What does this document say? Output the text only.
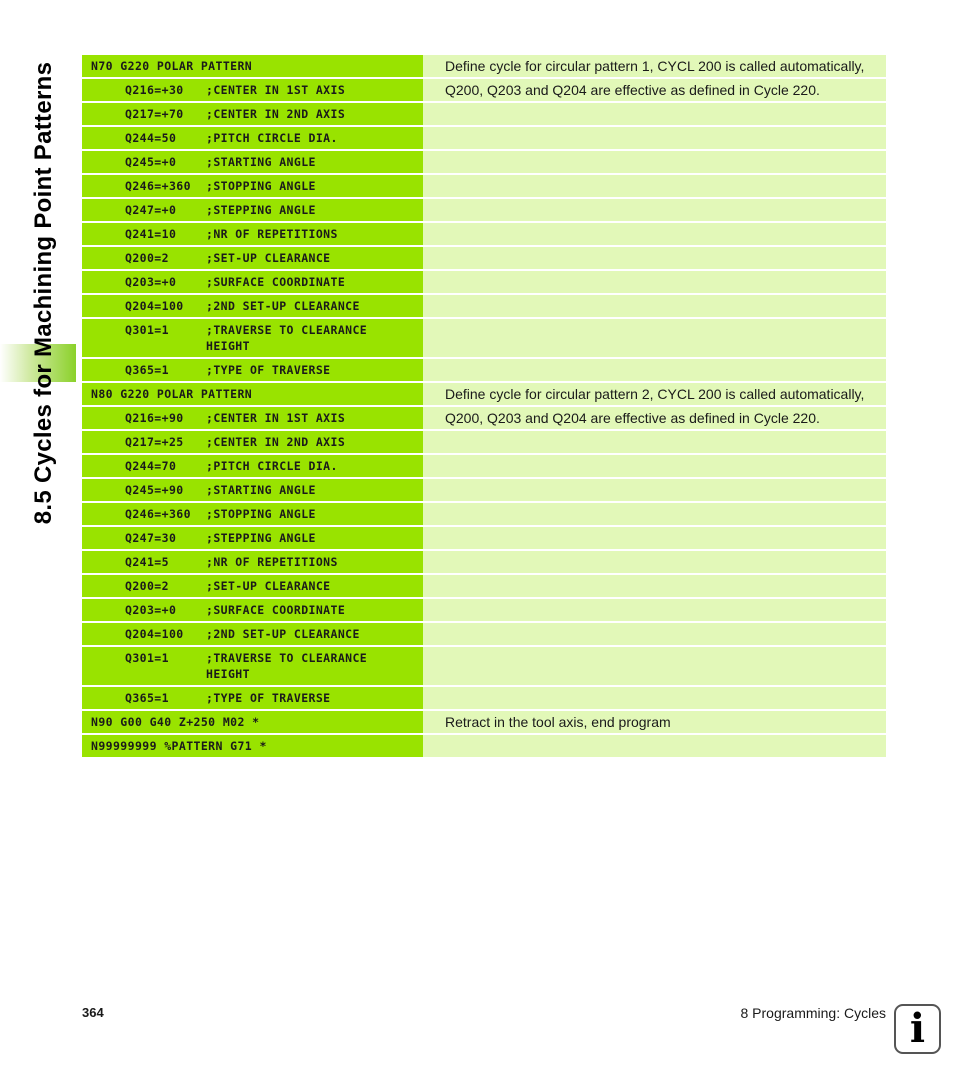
8.5 Cycles for Machining Point Patterns	N70 G220 POLAR PATTERN	Define cycle for circular pattern 1, CYCL 200 is called automatically,
Q216=+30	;CENTER IN 1ST AXIS	Q200, Q203 and Q204 are effective as defined in Cycle 220.
Q217=+70	;CENTER IN 2ND AXIS
Q244=50	;PITCH CIRCLE DIA.
Q245=+0	;STARTING ANGLE
Q246=+360	;STOPPING ANGLE
Q247=+0	;STEPPING ANGLE
Q241=10	;NR OF REPETITIONS
Q200=2	;SET-UP CLEARANCE
Q203=+0	;SURFACE COORDINATE
Q204=100	;2ND SET-UP CLEARANCE
Q301=1	;TRAVERSE TO CLEARANCE HEIGHT
Q365=1	;TYPE OF TRAVERSE
N80 G220 POLAR PATTERN	Define cycle for circular pattern 2, CYCL 200 is called automatically,
Q216=+90	;CENTER IN 1ST AXIS	Q200, Q203 and Q204 are effective as defined in Cycle 220.
Q217=+25	;CENTER IN 2ND AXIS
Q244=70	;PITCH CIRCLE DIA.
Q245=+90	;STARTING ANGLE
Q246=+360	;STOPPING ANGLE
Q247=30	;STEPPING ANGLE
Q241=5	;NR OF REPETITIONS
Q200=2	;SET-UP CLEARANCE
Q203=+0	;SURFACE COORDINATE
Q204=100	;2ND SET-UP CLEARANCE
Q301=1	;TRAVERSE TO CLEARANCE HEIGHT
Q365=1	;TYPE OF TRAVERSE
N90 G00 G40 Z+250 M02 *	Retract in the tool axis, end program
N99999999 %PATTERN G71 *
364	8 Programming: Cycles i
